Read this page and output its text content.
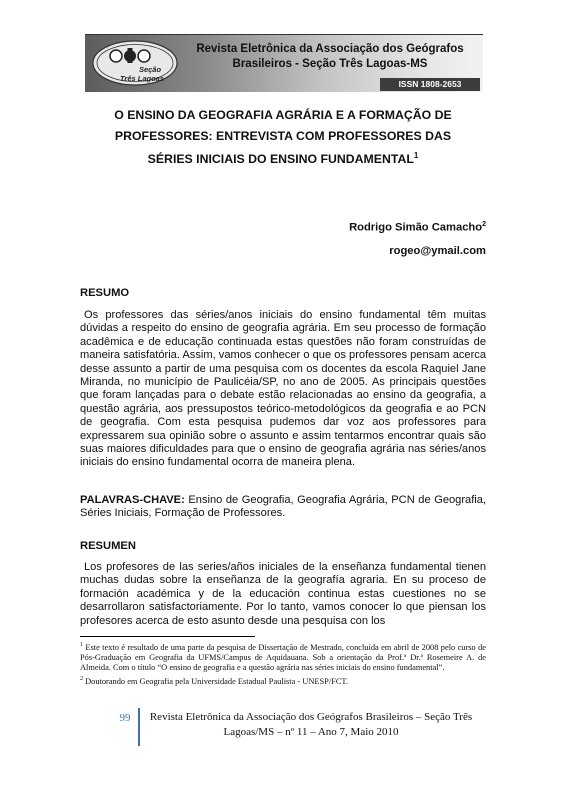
Seção
Três Lagoas
Revista Eletrônica da Associação dos Geógrafos
Brasileiros - Seção Três Lagoas-MS
ISSN 1808-2653
O ENSINO DA GEOGRAFIA AGRÁRIA E A FORMAÇÃO DE
PROFESSORES: ENTREVISTA COM PROFESSORES DAS
SÉRIES INICIAIS DO ENSINO FUNDAMENTAL$^1$
Rodrigo Simão Camacho$^2$
rogeo@ymail.com
RESUMO

Os professores das séries/anos iniciais do ensino fundamental têm muitas dúvidas a respeito do ensino de geografia agrária. Em seu processo de formação acadêmica e de educação continuada estas questões não foram construídas de maneira satisfatória. Assim, vamos conhecer o que os professores pensam acerca desse assunto a partir de uma pesquisa com os docentes da escola Raquiel Jane Miranda, no município de Paulicéia/SP, no ano de 2005. As principais questões que foram lançadas para o debate estão relacionadas ao ensino da geografia, a questão agrária, aos pressupostos teórico-metodológicos da geografia e ao PCN de geografia. Com esta pesquisa pudemos dar voz aos professores para expressarem sua opinião sobre o assunto e assim tentarmos encontrar quais são suas maiores dificuldades para que o ensino de geografia agrária nas séries/anos iniciais do ensino fundamental ocorra de maneira plena.

PALAVRAS-CHAVE: Ensino de Geografia, Geografia Agrária, PCN de Geografia, Séries Iniciais, Formação de Professores.

RESUMEN

Los profesores de las series/años iniciales de la enseñanza fundamental tienen muchas dudas sobre la enseñanza de la geografía agraria. En su proceso de formación académica y de la educación continua estas cuestiones no se desarrollaron satisfactoriamente. Por lo tanto, vamos conocer lo que piensan los profesores acerca de esto asunto desde una pesquisa con los

$^1$ Este texto é resultado de uma parte da pesquisa de Dissertação de Mestrado, concluída em abril de 2008 pelo curso de Pós-Graduação em Geografia da UFMS/Campus de Aquidauana. Sob a orientação da Prof.ª Dr.ª Rosemeire A. de Almeida. Com o título “O ensino de geografia e a questão agrária nas séries iniciais do ensino fundamental”.

$^2$ Doutorando em Geografia pela Universidade Estadual Paulista - UNESP/FCT.

99	Revista Eletrônica da Associação dos Geógrafos Brasileiros – Seção Três
Lagoas/MS – nº 11 – Ano 7, Maio 2010
